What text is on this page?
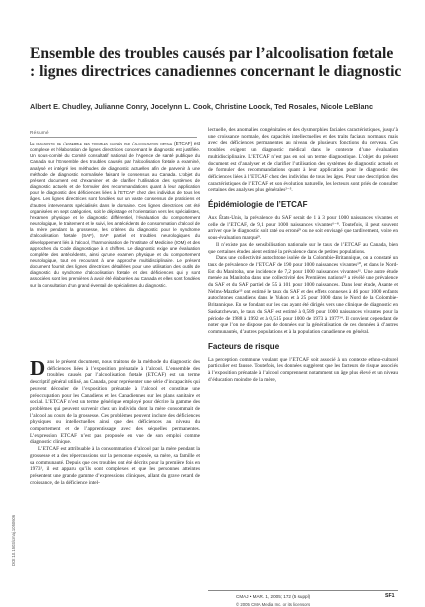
Ensemble des troubles causés par l’alcoolisation fœtale : lignes directrices canadiennes concernant le diagnostic
Albert E. Chudley, Julianne Conry, Jocelynn L. Cook, Christine Loock, Ted Rosales, Nicole LeBlanc
Résumé

Le diagnostic de l’ensemble des troubles causés par l’alcoolisation fœtale (ETCAF) est complexe et l’élaboration de lignes directrices concernant le diagnostic est justifiée. Un sous-comité du Comité consultatif national de l’Agence de santé publique du Canada sur l’Ensemble des troubles causés par l’alcoolisation fœtale a examiné, analysé et intégré les méthodes de diagnostic actuelles afin de parvenir à une méthode de diagnostic normalisée faisant le consensus au Canada. L’objet du présent document est d’examiner et de clarifier l’utilisation des systèmes de diagnostic actuels et de formuler des recommandations quant à leur application pour le diagnostic des déficiences liées à l’ETCAF chez des individus de tous les âges. Les lignes directrices sont fondées sur un vaste consensus de praticiens et d’autres intervenants spécialisés dans le domaine. Ces lignes directrices ont été organisées en sept catégories, soit le dépistage et l’orientation vers les spécialistes, l’examen physique et le diagnostic différentiel, l’évaluation du comportement neurologique, le traitement et le suivi, les antécédents de consommation d’alcool de la mère pendant la grossesse, les critères du diagnostic pour le syndrome d’alcoolisation fœtale (SAF), SAF partiel et troubles neurologiques du développement liés à l’alcool, l’harmonisation de l’Institute of Medicine (IOM) et des approches du Code diagnostique à 4 chiffres. Le diagnostic exige une évaluation complète des antécédents, ainsi qu’une examen physique et du comportement neurologique, tout en recourant à une approche multidisciplinaire. Le présent document fournit des lignes directrices détaillées pour une utilisation des outils de diagnostic du syndrome d’alcoolisation fœtale et des déficiences qui y sont associées sont les premières à avoir été élaborées au Canada et elles sont fondées sur la consultation d’un grand éventail de spécialistes du diagnostic.

Dans le présent document, nous traitons de la méthode du diagnostic des déficiences liées à l’exposition prénatale à l’alcool. L’ensemble des troubles causés par l’alcoolisation fœtale (ETCAF) est un terme descriptif général utilisé, au Canada, pour représenter une série d’incapacités qui peuvent découler de l’exposition prénatale à l’alcool et constitue une préoccupation pour les Canadiens et les Canadiennes sur les plans sanitaire et social. L’ETCAF n’est un terme générique employé pour décrire la gamme des problèmes qui peuvent survenir chez un individu dont la mère consommait de l’alcool au cours de la grossesse. Ces problèmes peuvent inclure des déficiences physiques ou intellectuelles ainsi que des déficiences au niveau du comportement et de l’apprentissage avec des séquelles permanentes. L’expression ETCAF n’est pas proposée en vue de son emploi comme diagnostic clinique.

L’ETCAF est attribuable à la consommation d’alcool par la mère pendant la grossesse et a des répercussions sur la personne exposée, sa mère, sa famille et sa communauté. Depuis que ces troubles ont été décrits pour la première fois en 1973¹, il est apparu qu’ils sont complexes et que les personnes atteintes présentent une grande gamme d’expressions cliniques, allant du grave retard de croissance, de la déficience intel-

DOI:10.1503/cmaj.1050606

lectuelle, des anomalies congénitales et des dysmorphies faciales caractéristiques, jusqu’à une croissance normale, des capacités intellectuelles et des traits faciaux normaux mais avec des déficiences permanentes au niveau de plusieurs fonctions du cerveau. Ces troubles exigent un diagnostic médical dans le contexte d’une évaluation multidisciplinaire. L’ETCAF n’est pas en soi un terme diagnostique. L’objet du présent document est d’analyser et de clarifier l’utilisation des systèmes de diagnostic actuels et de formuler des recommandations quant à leur application pour le diagnostic des déficiences liées à l’ETCAF chez des individus de tous les âges. Pour une description des caractéristiques de l’ETCAF et son évolution naturelle, les lecteurs sont priés de consulter certaines des analyses plus générales²⁻⁵.

Épidémiologie de l’ETCAF

Aux États-Unis, la prévalence du SAF serait de 1 à 3 pour 1000 naissances vivantes et celle de l’ETCAF, de 9,1 pour 1000 naissances vivantes⁶⁻⁸. Toutefois, il peut souvent arriver que le diagnostic soit raté ou erroné⁹ ou ne soit envisagé que tardivement, voire en sous-évaluation marqué⁹.

Il n’existe pas de sensibilisation nationale sur le taux de l’ETCAF au Canada, bien que certaines études aient estimé la prévalence dans de petites populations.

Dans une collectivité autochtone isolée de la Colombie-Britannique, on a constaté un taux de prévalence de l’ETCAF de 190 pour 1000 naissances vivantes¹⁰, et dans le Nord-Est du Manitoba, une incidence de 7,2 pour 1000 naissances vivantes¹¹. Une autre étude menée au Manitoba dans une collectivité des Premières nations¹² a révélé une prévalence du SAF et du SAF partiel de 55 à 101 pour 1000 naissances. Dans leur étude, Asante et Nelms-Maztke¹³ ont estimé le taux du SAF et des effets connexes à 46 pour 1000 enfants autochtones canadiens dans le Yukon et à 25 pour 1000 dans le Nord de la Colombie-Britannique. En se fondant sur les cas ayant été dirigés vers une clinique de diagnostic en Saskatchewan, le taux du SAF est estimé à 0,589 pour 1000 naissances vivantes pour la période de 1988 à 1992 et à 0,515 pour 1000 de 1973 à 1977¹⁴. Il convient cependant de noter que l’on ne dispose pas de données sur la généralisation de ces données à d’autres communautés, d’autres populations et à la population canadienne en général.

Facteurs de risque

La perception commune voulant que l’ETCAF soit associé à un contexte ethno-culturel particulier est fausse. Toutefois, les données suggèrent que les facteurs de risque associés à l’exposition prénatale à l’alcool comprennent notamment un âge plus élevé et un niveau d’éducation moindre de la mère,

CMAJ • MAR. 1, 2005; 172 (5 suppl)	SF1
© 2005 CMA Media Inc. or its licensors
